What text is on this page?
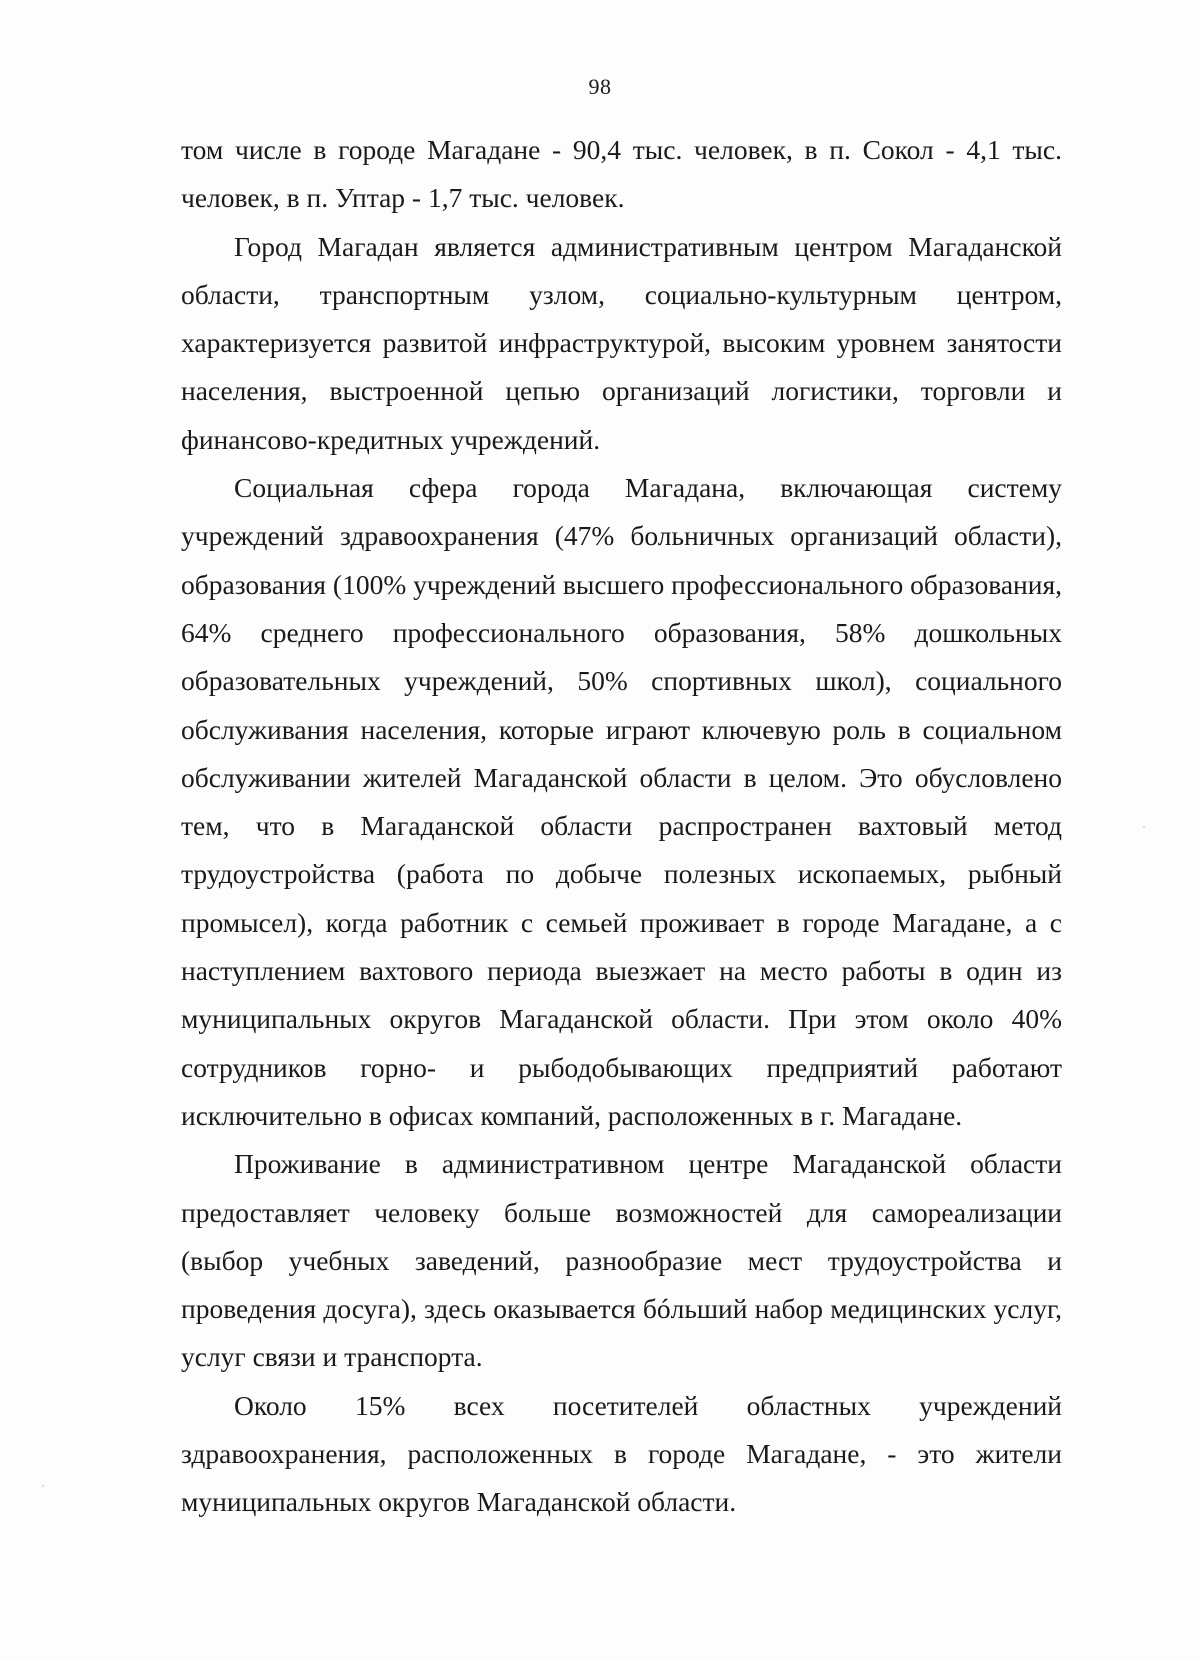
98

том числе в городе Магадане - 90,4 тыс. человек, в п. Сокол - 4,1 тыс. человек, в п. Уптар - 1,7 тыс. человек.

Город Магадан является административным центром Магаданской области, транспортным узлом, социально-культурным центром, характеризуется развитой инфраструктурой, высоким уровнем занятости населения, выстроенной цепью организаций логистики, торговли и финансово-кредитных учреждений.

Социальная сфера города Магадана, включающая систему учреждений здравоохранения (47% больничных организаций области), образования (100% учреждений высшего профессионального образования, 64% среднего профессионального образования, 58% дошкольных образовательных учреждений, 50% спортивных школ), социального обслуживания населения, которые играют ключевую роль в социальном обслуживании жителей Магаданской области в целом. Это обусловлено тем, что в Магаданской области распространен вахтовый метод трудоустройства (работа по добыче полезных ископаемых, рыбный промысел), когда работник с семьей проживает в городе Магадане, а с наступлением вахтового периода выезжает на место работы в один из муниципальных округов Магаданской области. При этом около 40% сотрудников горно- и рыбодобывающих предприятий работают исключительно в офисах компаний, расположенных в г. Магадане.

Проживание в административном центре Магаданской области предоставляет человеку больше возможностей для самореализации (выбор учебных заведений, разнообразие мест трудоустройства и проведения досуга), здесь оказывается бóльший набор медицинских услуг, услуг связи и транспорта.

Около 15% всех посетителей областных учреждений здравоохранения, расположенных в городе Магадане, - это жители муниципальных округов Магаданской области.
